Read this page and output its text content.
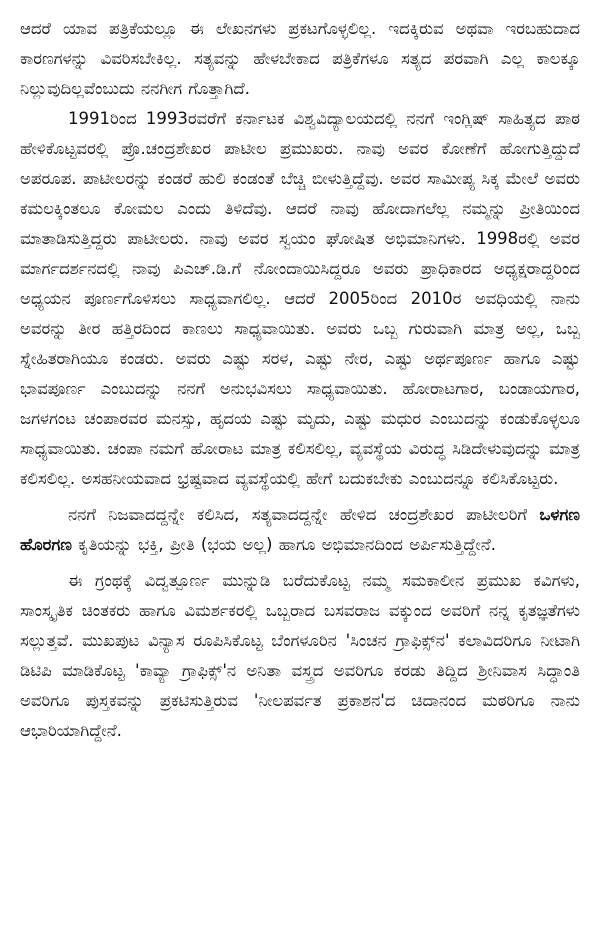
ಆದರೆ ಯಾವ ಪತ್ರಿಕೆಯಲ್ಲೂ ಈ ಲೇಖನಗಳು ಪ್ರಕಟಗೊಳ್ಳಲಿಲ್ಲ. ಇದಕ್ಕಿರುವ ಅಥವಾ ಇರಬಹುದಾದ ಕಾರಣಗಳನ್ನು ವಿವರಿಸಬೇಕಿಲ್ಲ. ಸತ್ಯವನ್ನು ಹೇಳಬೇಕಾದ ಪತ್ರಿಕೆಗಳೂ ಸತ್ಯದ ಪರವಾಗಿ ಎಲ್ಲ ಕಾಲಕ್ಕೂ ನಿಲ್ಲುವುದಿಲ್ಲವೆಂಬುದು ನನಗೀಗ ಗೊತ್ತಾಗಿದೆ.

1991ರಿಂದ 1993ರವರೆಗೆ ಕರ್ನಾಟಕ ವಿಶ್ವವಿದ್ಯಾಲಯದಲ್ಲಿ ನನಗೆ ಇಂಗ್ಲಿಷ್ ಸಾಹಿತ್ಯದ ಪಾಠ ಹೇಳಿಕೊಟ್ಟವರಲ್ಲಿ ಪ್ರೊ.ಚಂದ್ರಶೇಖರ ಪಾಟೀಲ ಪ್ರಮುಖರು. ನಾವು ಅವರ ಕೋಣೆಗೆ ಹೋಗುತ್ತಿದ್ದುದೆ ಅಪರೂಪ. ಪಾಟೀಲರನ್ನು ಕಂಡರೆ ಹುಲಿ ಕಂಡಂತೆ ಬೆಚ್ಚಿ ಬೀಳುತ್ತಿದ್ದೆವು. ಅವರ ಸಾಮೀಪ್ಯ ಸಿಕ್ಕ ಮೇಲೆ ಅವರು ಕಮಲಕ್ಕಿಂತಲೂ ಕೋಮಲ ಎಂದು ತಿಳಿದೆವು. ಆದರೆ ನಾವು ಹೋದಾಗಲೆಲ್ಲ ನಮ್ಮನ್ನು ಪ್ರೀತಿಯಿಂದ ಮಾತಾಡಿಸುತ್ತಿದ್ದರು ಪಾಟೀಲರು. ನಾವು ಅವರ ಸ್ವಯಂ ಘೋಷಿತ ಅಭಿಮಾನಿಗಳು. 1998ರಲ್ಲಿ ಅವರ ಮಾರ್ಗದರ್ಶನದಲ್ಲಿ ನಾವು ಪಿಎಚ್.ಡಿ.ಗೆ ನೋಂದಾಯಿಸಿದ್ದರೂ ಅವರು ಪ್ರಾಧಿಕಾರದ ಅಧ್ಯಕ್ಷರಾದ್ದರಿಂದ ಅಧ್ಯಯನ ಪೂರ್ಣಗೊಳಿಸಲು ಸಾಧ್ಯವಾಗಲಿಲ್ಲ. ಆದರೆ 2005ರಿಂದ 2010ರ ಅವಧಿಯಲ್ಲಿ ನಾನು ಅವರನ್ನು ತೀರ ಹತ್ತಿರದಿಂದ ಕಾಣಲು ಸಾಧ್ಯವಾಯಿತು. ಅವರು ಒಬ್ಬ ಗುರುವಾಗಿ ಮಾತ್ರ ಅಲ್ಲ, ಒಬ್ಬ ಸ್ನೇಹಿತರಾಗಿಯೂ ಕಂಡರು. ಅವರು ಎಷ್ಟು ಸರಳ, ಎಷ್ಟು ನೇರ, ಎಷ್ಟು ಅರ್ಥಪೂರ್ಣ ಹಾಗೂ ಎಷ್ಟು ಭಾವಪೂರ್ಣ ಎಂಬುದನ್ನು ನನಗೆ ಅನುಭವಿಸಲು ಸಾಧ್ಯವಾಯಿತು. ಹೋರಾಟಗಾರ, ಬಂಡಾಯಗಾರ, ಜಗಳಗಂಟ ಚಂಪಾರವರ ಮನಸ್ಸು, ಹೃದಯ ಎಷ್ಟು ಮೃದು, ಎಷ್ಟು ಮಧುರ ಎಂಬುದನ್ನು ಕಂಡುಕೊಳ್ಳಲೂ ಸಾಧ್ಯವಾಯಿತು. ಚಂಪಾ ನಮಗೆ ಹೋರಾಟ ಮಾತ್ರ ಕಲಿಸಲಿಲ್ಲ, ವ್ಯವಸ್ಥೆಯ ವಿರುದ್ಧ ಸಿಡಿದೇಳುವುದನ್ನು ಮಾತ್ರ ಕಲಿಸಲಿಲ್ಲ. ಅಸಹನೀಯವಾದ ಭ್ರಷ್ಟವಾದ ವ್ಯವಸ್ಥೆಯಲ್ಲಿ ಹೇಗೆ ಬದುಕಬೇಕು ಎಂಬುದನ್ನೂ ಕಲಿಸಿಕೊಟ್ಟರು.

ನನಗೆ ನಿಜವಾದದ್ದನ್ನೇ ಕಲಿಸಿದ, ಸತ್ಯವಾದದ್ದನ್ನೇ ಹೇಳಿದ ಚಂದ್ರಶೇಖರ ಪಾಟೀಲರಿಗೆ ಒಳಗಣ ಹೊರಗಣ ಕೃತಿಯನ್ನು ಭಕ್ತಿ, ಪ್ರೀತಿ (ಭಯ ಅಲ್ಲ) ಹಾಗೂ ಅಭಿಮಾನದಿಂದ ಅರ್ಪಿಸುತ್ತಿದ್ದೇನೆ.

ಈ ಗ್ರಂಥಕ್ಕೆ ವಿದ್ವತ್ಪೂರ್ಣ ಮುನ್ನುಡಿ ಬರೆದುಕೊಟ್ಟ ನಮ್ಮ ಸಮಕಾಲೀನ ಪ್ರಮುಖ ಕವಿಗಳು, ಸಾಂಸ್ಕೃತಿಕ ಚಿಂತಕರು ಹಾಗೂ ವಿಮರ್ಶಕರಲ್ಲಿ ಒಬ್ಬರಾದ ಬಸವರಾಜ ವಕ್ಕುಂದ ಅವರಿಗೆ ನನ್ನ ಕೃತಜ್ಞತೆಗಳು ಸಲ್ಲುತ್ತವೆ. ಮುಖಪುಟ ವಿನ್ಯಾಸ ರೂಪಿಸಿಕೊಟ್ಟ ಬೆಂಗಳೂರಿನ 'ಸಿಂಚನ ಗ್ರಾಫಿಕ್ಸ್‌ನ' ಕಲಾವಿದರಿಗೂ ನೀಟಾಗಿ ಡಿಟಿಪಿ ಮಾಡಿಕೊಟ್ಟ 'ಕಾವ್ಯಾ ಗ್ರಾಫಿಕ್ಸ್‌'ನ ಅನಿತಾ ವಸ್ತ್ರದ ಅವರಿಗೂ ಕರಡು ತಿದ್ದಿದ ಶ್ರೀನಿವಾಸ ಸಿದ್ಧಾಂತಿ ಅವರಿಗೂ ಪುಸ್ತಕವನ್ನು ಪ್ರಕಟಿಸುತ್ತಿರುವ 'ನೀಲಪರ್ವತ ಪ್ರಕಾಶನ'ದ ಚಿದಾನಂದ ಮಠರಿಗೂ ನಾನು ಆಭಾರಿಯಾಗಿದ್ದೇನೆ.
